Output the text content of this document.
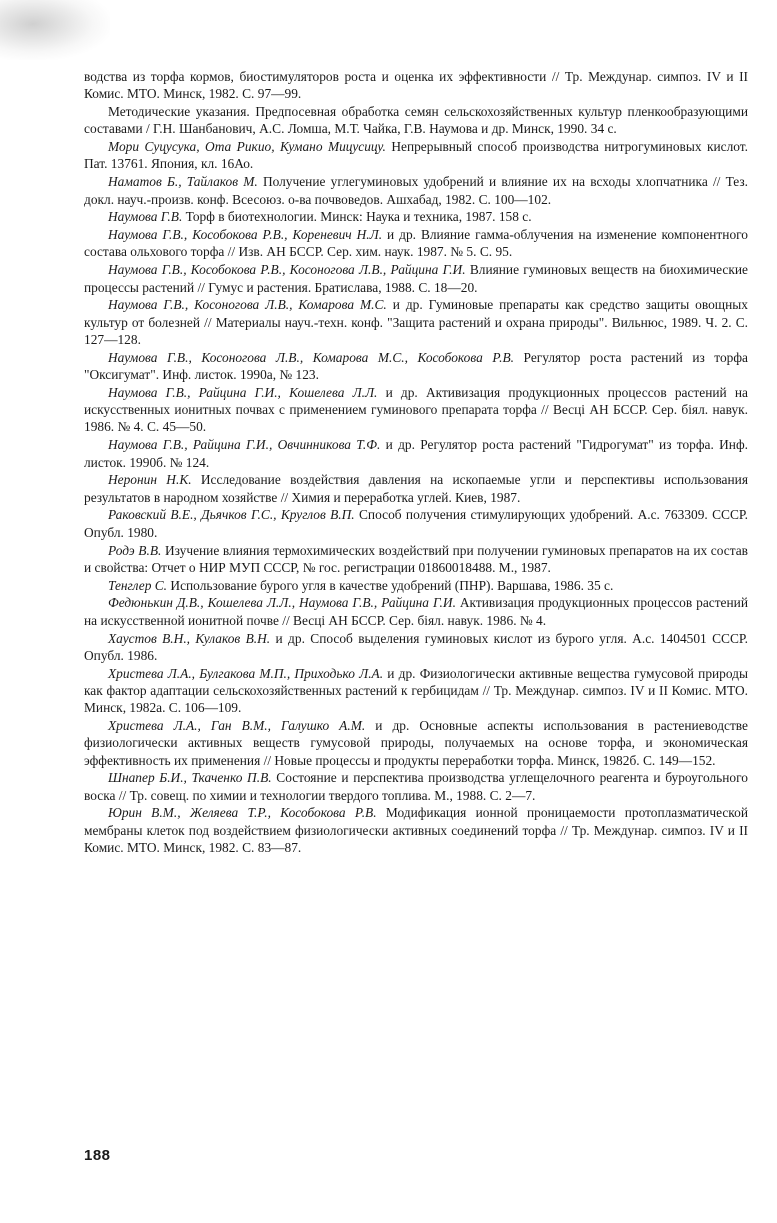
водства из торфа кормов, биостимуляторов роста и оценка их эффективности // Тр. Междунар. симпоз. IV и II Комис. МТО. Минск, 1982. С. 97—99.

Методические указания. Предпосевная обработка семян сельскохозяйственных культур пленкообразующими составами / Г.Н. Шанбанович, А.С. Ломша, М.Т. Чайка, Г.В. Наумова и др. Минск, 1990. 34 с.

Мори Суцусука, Ота Рикио, Кумано Мицусицу. Непрерывный способ производства нитрогуминовых кислот. Пат. 13761. Япония, кл. 16Ао.

Наматов Б., Тайлаков М. Получение углегуминовых удобрений и влияние их на всходы хлопчатника // Тез. докл. науч.-произв. конф. Всесоюз. о-ва почвоведов. Ашхабад, 1982. С. 100—102.

Наумова Г.В. Торф в биотехнологии. Минск: Наука и техника, 1987. 158 с.

Наумова Г.В., Кособокова Р.В., Кореневич Н.Л. и др. Влияние гамма-облучения на изменение компонентного состава ольхового торфа // Изв. АН БССР. Сер. хим. наук. 1987. № 5. С. 95.

Наумова Г.В., Кособокова Р.В., Косоногова Л.В., Райцина Г.И. Влияние гуминовых веществ на биохимические процессы растений // Гумус и растения. Братислава, 1988. С. 18—20.

Наумова Г.В., Косоногова Л.В., Комарова М.С. и др. Гуминовые препараты как средство защиты овощных культур от болезней // Материалы науч.-техн. конф. "Защита растений и охрана природы". Вильнюс, 1989. Ч. 2. С. 127—128.

Наумова Г.В., Косоногова Л.В., Комарова М.С., Кособокова Р.В. Регулятор роста растений из торфа "Оксигумат". Инф. листок. 1990а, № 123.

Наумова Г.В., Райцина Г.И., Кошелева Л.Л. и др. Активизация продукционных процессов растений на искусственных ионитных почвах с применением гуминового препарата торфа // Весці АН БССР. Сер. біял. навук. 1986. № 4. С. 45—50.

Наумова Г.В., Райцина Г.И., Овчинникова Т.Ф. и др. Регулятор роста растений "Гидрогумат" из торфа. Инф. листок. 1990б. № 124.

Неронин Н.К. Исследование воздействия давления на ископаемые угли и перспективы использования результатов в народном хозяйстве // Химия и переработка углей. Киев, 1987.

Раковский В.Е., Дьячков Г.С., Круглов В.П. Способ получения стимулирующих удобрений. А.с. 763309. СССР. Опубл. 1980.

Родэ В.В. Изучение влияния термохимических воздействий при получении гуминовых препаратов на их состав и свойства: Отчет о НИР МУП СССР, № гос. регистрации 01860018488. М., 1987.

Тенглер С. Использование бурого угля в качестве удобрений (ПНР). Варшава, 1986. 35 с.

Федюнькин Д.В., Кошелева Л.Л., Наумова Г.В., Райцина Г.И. Активизация продукционных процессов растений на искусственной ионитной почве // Весці АН БССР. Сер. біял. навук. 1986. № 4.

Хаустов В.Н., Кулаков В.Н. и др. Способ выделения гуминовых кислот из бурого угля. А.с. 1404501 СССР. Опубл. 1986.

Христева Л.А., Булгакова М.П., Приходько Л.А. и др. Физиологически активные вещества гумусовой природы как фактор адаптации сельскохозяйственных растений к гербицидам // Тр. Междунар. симпоз. IV и II Комис. МТО. Минск, 1982а. С. 106—109.

Христева Л.А., Ган В.М., Галушко А.М. и др. Основные аспекты использования в растениеводстве физиологически активных веществ гумусовой природы, получаемых на основе торфа, и экономическая эффективность их применения // Новые процессы и продукты переработки торфа. Минск, 1982б. С. 149—152.

Шнапер Б.И., Ткаченко П.В. Состояние и перспектива производства углещелочного реагента и буроугольного воска // Тр. совещ. по химии и технологии твердого топлива. М., 1988. С. 2—7.

Юрин В.М., Желяева Т.Р., Кособокова Р.В. Модификация ионной проницаемости протоплазматической мембраны клеток под воздействием физиологически активных соединений торфа // Тр. Междунар. симпоз. IV и II Комис. МТО. Минск, 1982. С. 83—87.

188
